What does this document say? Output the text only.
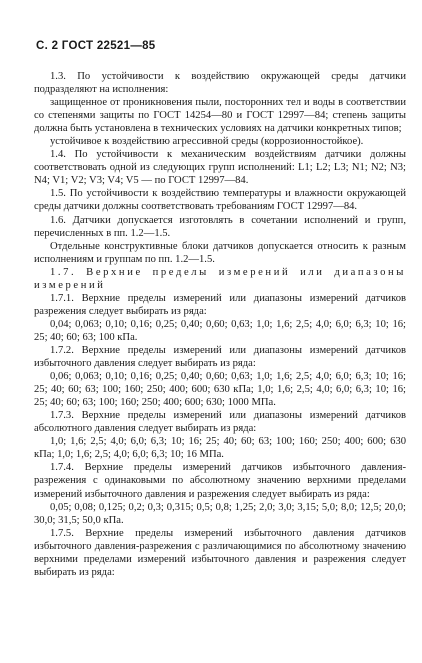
С. 2 ГОСТ 22521—85

1.3. По устойчивости к воздействию окружающей среды датчики подразделяют на исполнения:

защищенное от проникновения пыли, посторонних тел и воды в соответствии со степенями защиты по ГОСТ 14254—80 и ГОСТ 12997—84; степень защиты должна быть установлена в технических условиях на датчики конкретных типов;

устойчивое к воздействию агрессивной среды (коррозионностойкое).

1.4. По устойчивости к механическим воздействиям датчики должны соответствовать одной из следующих групп исполнений: L1; L2; L3; N1; N2; N3; N4; V1; V2; V3; V4; V5 — по ГОСТ 12997—84.

1.5. По устойчивости к воздействию температуры и влажности окружающей среды датчики должны соответствовать требованиям ГОСТ 12997—84.

1.6. Датчики допускается изготовлять в сочетании исполнений и групп, перечисленных в пп. 1.2—1.5.

Отдельные конструктивные блоки датчиков допускается относить к разным исполнениям и группам по пп. 1.2—1.5.

1.7. Верхние пределы измерений или диапазоны измерений

1.7.1. Верхние пределы измерений или диапазоны измерений датчиков разрежения следует выбирать из ряда:

0,04; 0,063; 0,10; 0,16; 0,25; 0,40; 0,60; 0,63; 1,0; 1,6; 2,5; 4,0; 6,0; 6,3; 10; 16; 25; 40; 60; 63; 100 кПа.

1.7.2. Верхние пределы измерений или диапазоны измерений датчиков избыточного давления следует выбирать из ряда:

0,06; 0,063; 0,10; 0,16; 0,25; 0,40; 0,60; 0,63; 1,0; 1,6; 2,5; 4,0; 6,0; 6,3; 10; 16; 25; 40; 60; 63; 100; 160; 250; 400; 600; 630 кПа; 1,0; 1,6; 2,5; 4,0; 6,0; 6,3; 10; 16; 25; 40; 60; 63; 100; 160; 250; 400; 600; 630; 1000 МПа.

1.7.3. Верхние пределы измерений или диапазоны измерений датчиков абсолютного давления следует выбирать из ряда:

1,0; 1,6; 2,5; 4,0; 6,0; 6,3; 10; 16; 25; 40; 60; 63; 100; 160; 250; 400; 600; 630 кПа; 1,0; 1,6; 2,5; 4,0; 6,0; 6,3; 10; 16 МПа.

1.7.4. Верхние пределы измерений датчиков избыточного давления-разрежения с одинаковыми по абсолютному значению верхними пределами измерений избыточного давления и разрежения следует выбирать из ряда:

0,05; 0,08; 0,125; 0,2; 0,3; 0,315; 0,5; 0,8; 1,25; 2,0; 3,0; 3,15; 5,0; 8,0; 12,5; 20,0; 30,0; 31,5; 50,0 кПа.

1.7.5. Верхние пределы измерений избыточного давления датчиков избыточного давления-разрежения с различающимися по абсолютному значению верхними пределами измерений избыточного давления и разрежения следует выбирать из ряда:
